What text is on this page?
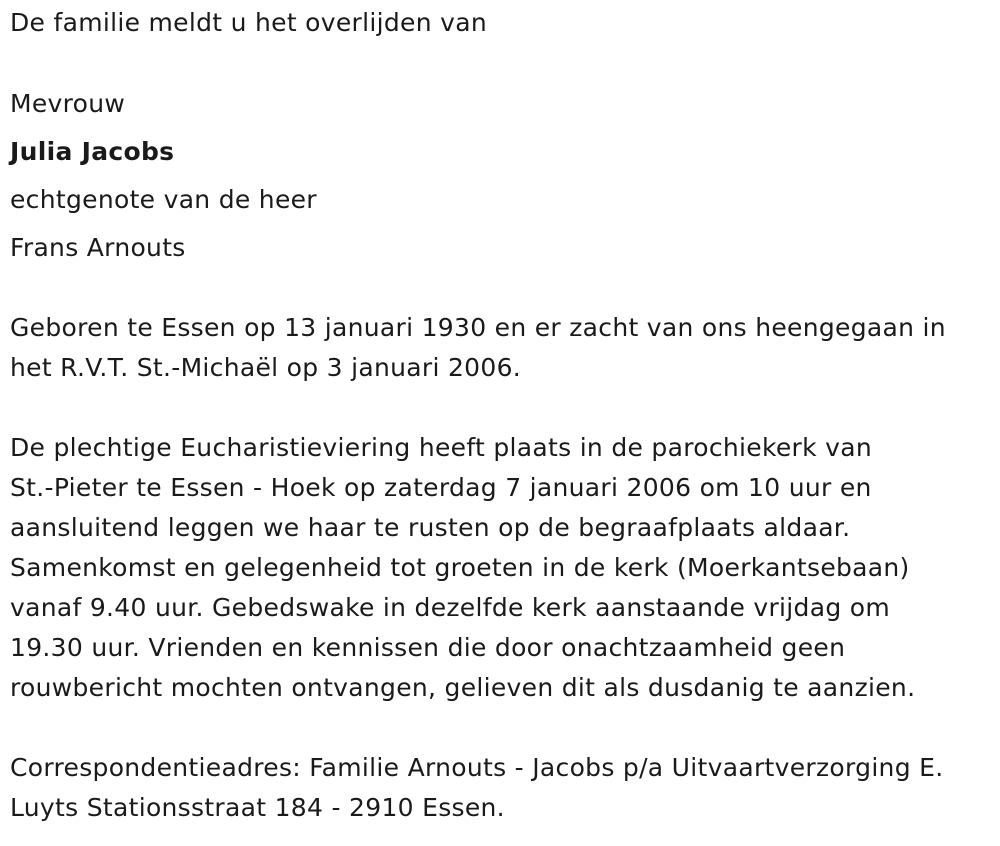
De familie meldt u het overlijden van
Mevrouw
Julia Jacobs
echtgenote van de heer
Frans Arnouts
Geboren te Essen op 13 januari 1930 en er zacht van ons heengegaan in
het R.V.T. St.-Michaël op 3 januari 2006.
De plechtige Eucharistieviering heeft plaats in de parochiekerk van
St.-Pieter te Essen - Hoek op zaterdag 7 januari 2006 om 10 uur en
aansluitend leggen we haar te rusten op de begraafplaats aldaar.
Samenkomst en gelegenheid tot groeten in de kerk (Moerkantsebaan)
vanaf 9.40 uur. Gebedswake in dezelfde kerk aanstaande vrijdag om
19.30 uur. Vrienden en kennissen die door onachtzaamheid geen
rouwbericht mochten ontvangen, gelieven dit als dusdanig te aanzien.
Correspondentieadres: Familie Arnouts - Jacobs p/a Uitvaartverzorging E.
Luyts Stationsstraat 184 - 2910 Essen.
